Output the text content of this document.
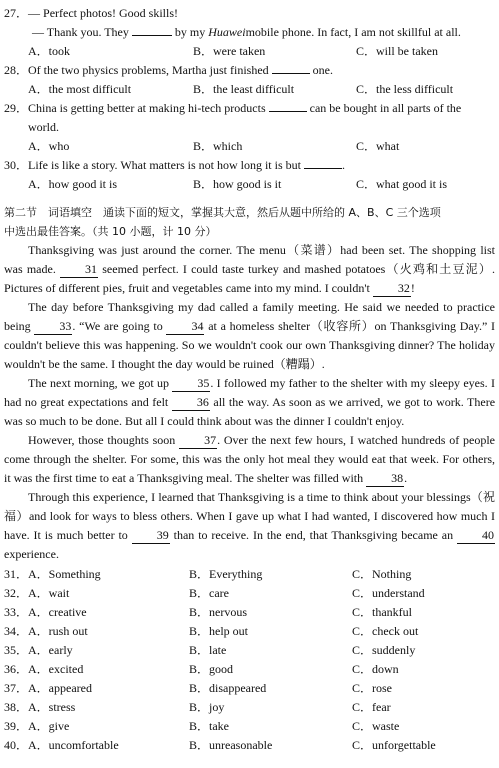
27．— Perfect photos! Good skills!
— Thank you. They	by my Huaweimobile phone. In fact, I am not skillful at all.
A．took	B．were taken	C．will be taken
28．Of the two physics problems, Martha just finished	one.
A．the most difficult	B．the least difficult	C．the less difficult
29．China is getting better at making hi-tech products	can be bought in all parts of the
world.
A．who	B．which	C．what
30．Life is like a story. What matters is not how long it is but	.
A．how good it is	B．how good is it	C．what good it is
第二节　词语填空　通读下面的短文，掌握其大意，然后从题中所给的 A、B、C 三个选项
中选出最佳答案。（共 10 小题，计 10 分）

Thanksgiving was just around the corner. The menu（菜谱）had been set. The shopping list was made. 31 seemed perfect. I could taste turkey and mashed potatoes（火鸡和土豆泥）. Pictures of different pies, fruit and vegetables came into my mind. I couldn't 32!

The day before Thanksgiving my dad called a family meeting. He said we needed to practice being 33. “We are going to 34 at a homeless shelter（收容所）on Thanksgiving Day.” I couldn't believe this was happening. So we wouldn't cook our own Thanksgiving dinner? The holiday wouldn't be the same. I thought the day would be ruined（糟蹋）.

The next morning, we got up 35. I followed my father to the shelter with my sleepy eyes. I had no great expectations and felt 36 all the way. As soon as we arrived, we got to work. There was so much to be done. But all I could think about was the dinner I couldn't enjoy.

However, those thoughts soon 37. Over the next few hours, I watched hundreds of people come through the shelter. For some, this was the only hot meal they would eat that week. For others, it was the first time to eat a Thanksgiving meal. The shelter was filled with 38.

Through this experience, I learned that Thanksgiving is a time to think about your blessings（祝福）and look for ways to bless others. When I gave up what I had wanted, I discovered how much I have. It is much better to 39 than to receive. In the end, that Thanksgiving became an 40 experience.

31． A．Something	B．Everything	C．Nothing
32． A．wait	B．care	C．understand
33． A．creative	B．nervous	C．thankful
34． A．rush out	B．help out	C．check out
35． A．early	B．late	C．suddenly
36． A．excited	B．good	C．down
37． A．appeared	B．disappeared	C．rose
38． A．stress	B．joy	C．fear
39． A．give	B．take	C．waste
40． A．uncomfortable	B．unreasonable	C．unforgettable
